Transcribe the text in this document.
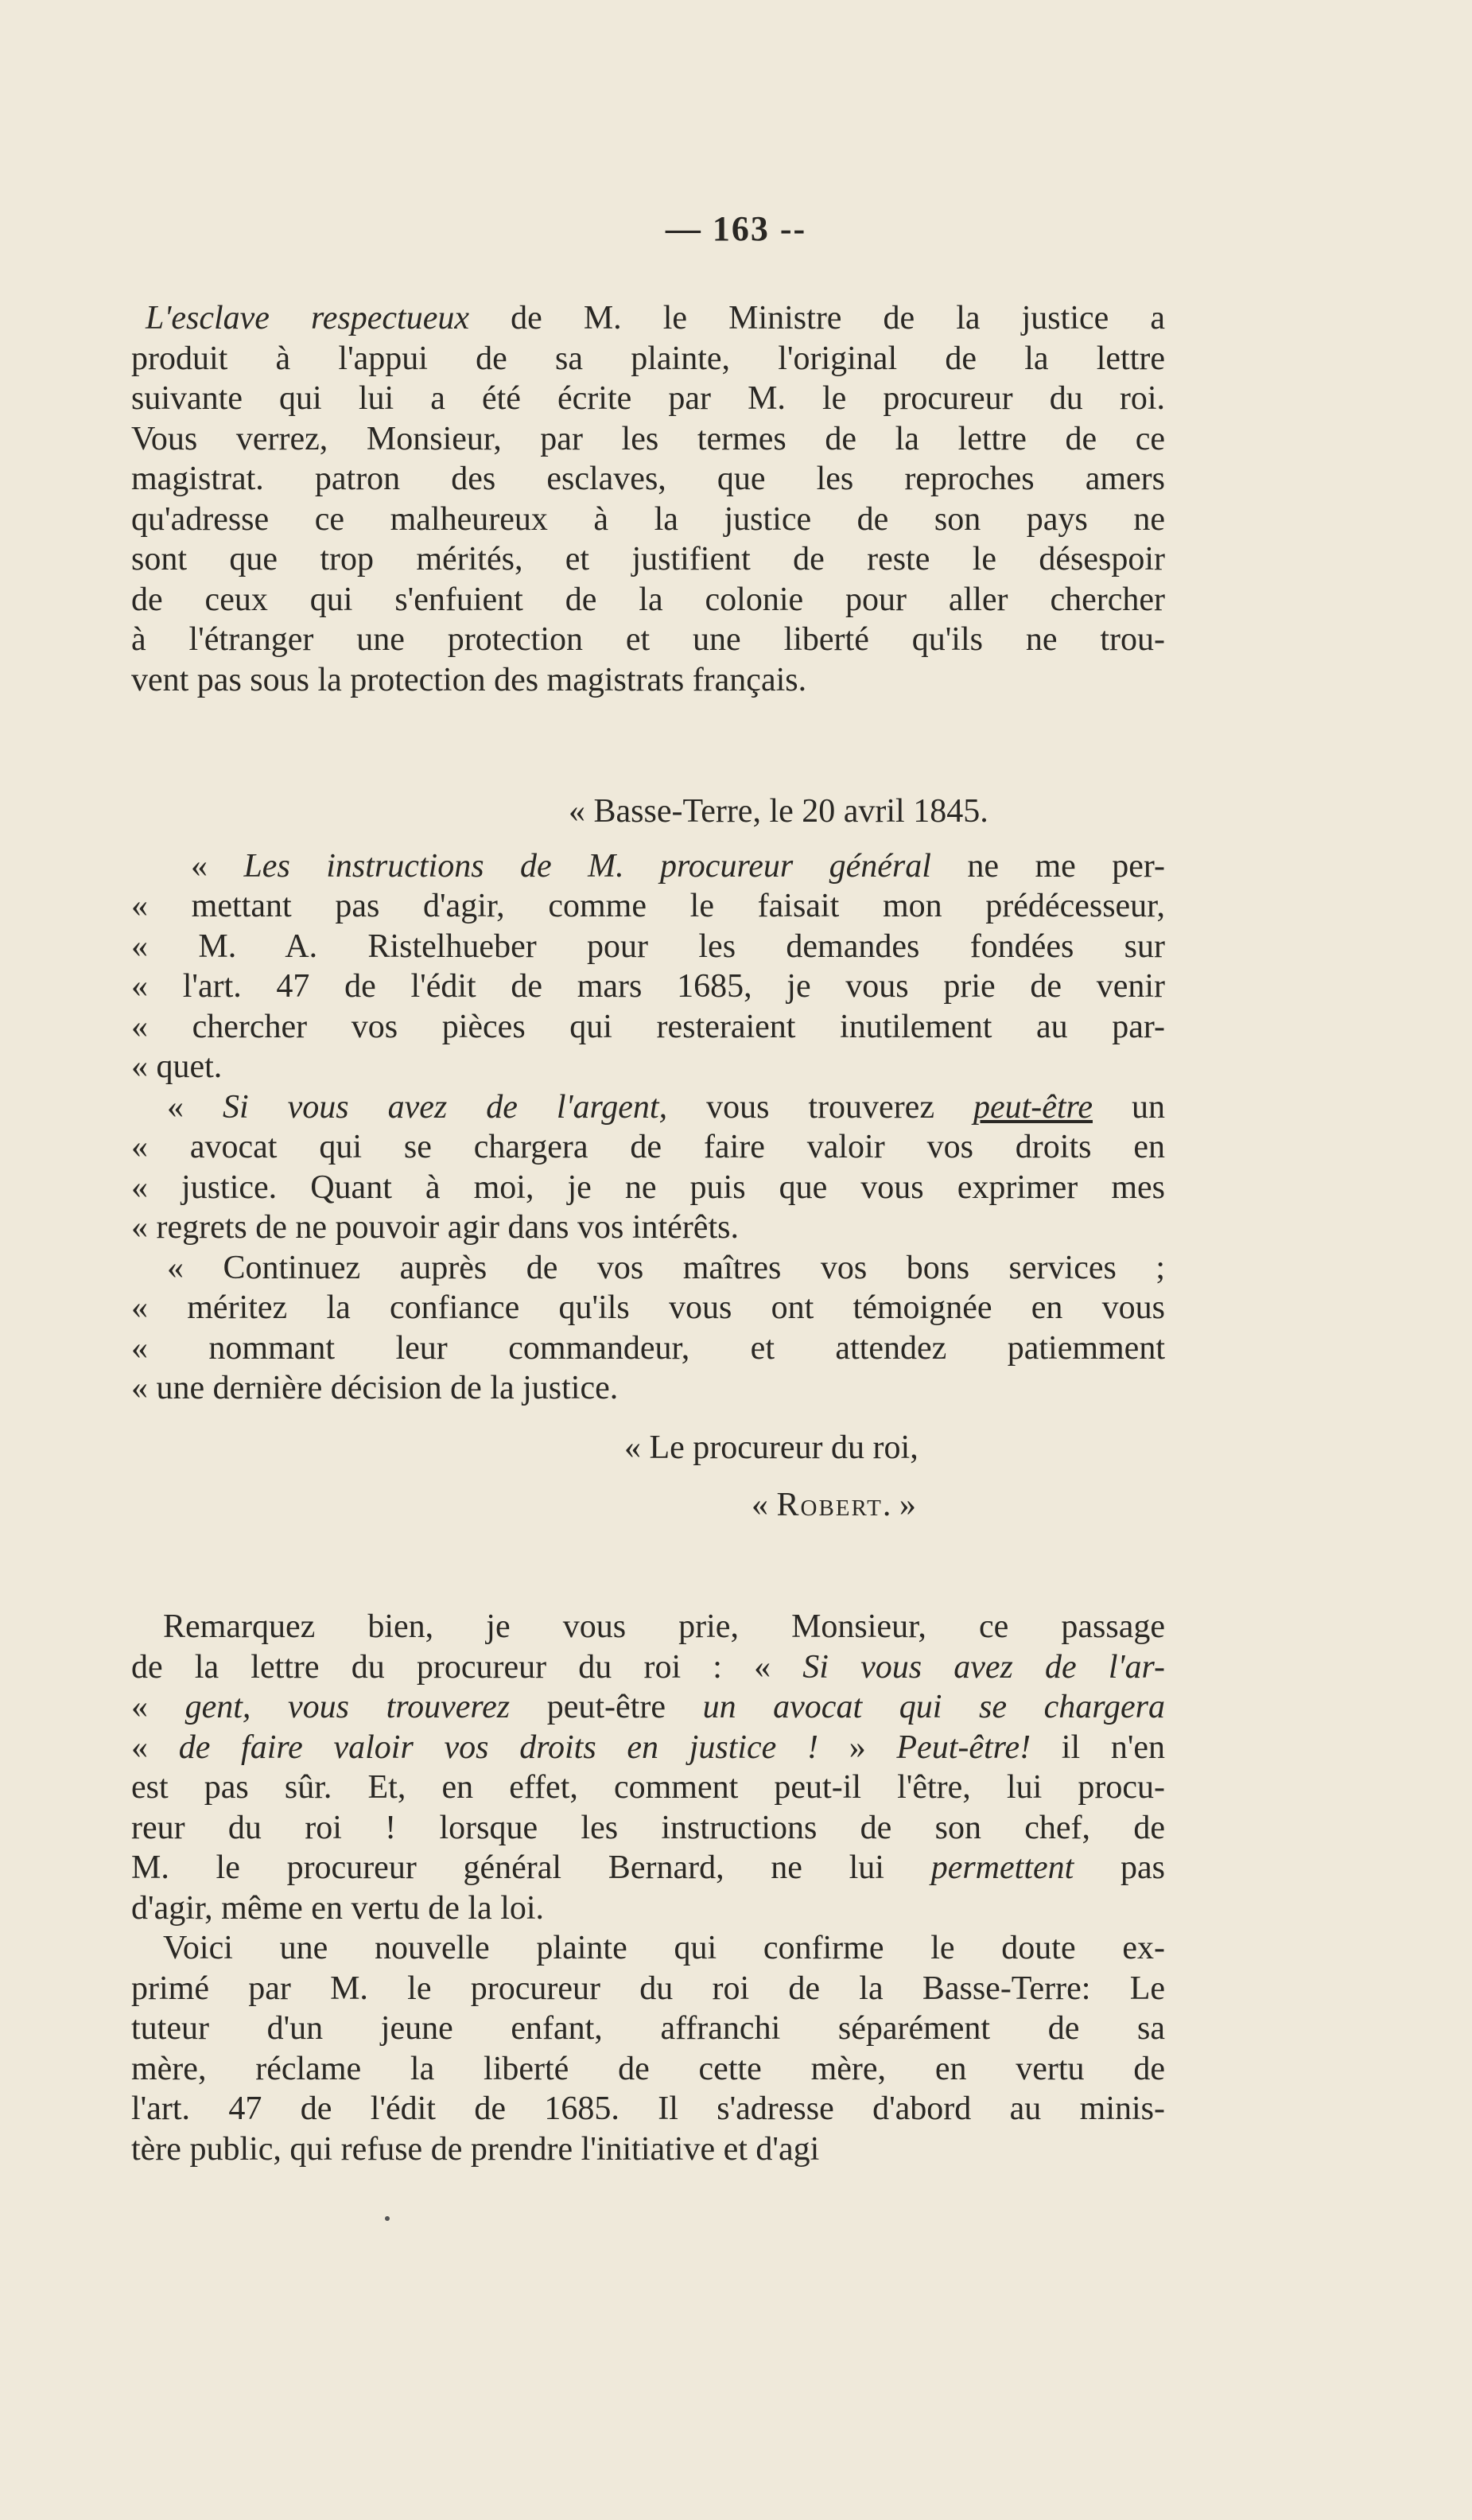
— 163 --

L'esclave respectueux de M. le Ministre de la justice a

produit à l'appui de sa plainte, l'original de la lettre

suivante qui lui a été écrite par M. le procureur du roi.

Vous verrez, Monsieur, par les termes de la lettre de ce

magistrat. patron des esclaves, que les reproches amers

qu'adresse ce malheureux à la justice de son pays ne

sont que trop mérités, et justifient de reste le désespoir

de ceux qui s'enfuient de la colonie pour aller chercher

à l'étranger une protection et une liberté qu'ils ne trou-

vent pas sous la protection des magistrats français.

« Basse-Terre, le 20 avril 1845.

« Les instructions de M. procureur général ne me per-

« mettant pas d'agir, comme le faisait mon prédécesseur,

« M. A. Ristelhueber pour les demandes fondées sur

« l'art. 47 de l'édit de mars 1685, je vous prie de venir

« chercher vos pièces qui resteraient inutilement au par-

« quet.

« Si vous avez de l'argent, vous trouverez peut-être un

« avocat qui se chargera de faire valoir vos droits en

« justice. Quant à moi, je ne puis que vous exprimer mes

« regrets de ne pouvoir agir dans vos intérêts.

« Continuez auprès de vos maîtres vos bons services ;

« méritez la confiance qu'ils vous ont témoignée en vous

« nommant leur commandeur, et attendez patiemment

« une dernière décision de la justice.

« Le procureur du roi,

« Robert. »

Remarquez bien, je vous prie, Monsieur, ce passage

de la lettre du procureur du roi : « Si vous avez de l'ar-

« gent, vous trouverez peut-être un avocat qui se chargera

« de faire valoir vos droits en justice ! » Peut-être! il n'en

est pas sûr. Et, en effet, comment peut-il l'être, lui procu-

reur du roi ! lorsque les instructions de son chef, de

M. le procureur général Bernard, ne lui permettent pas

d'agir, même en vertu de la loi.

Voici une nouvelle plainte qui confirme le doute ex-

primé par M. le procureur du roi de la Basse-Terre: Le

tuteur d'un jeune enfant, affranchi séparément de sa

mère, réclame la liberté de cette mère, en vertu de

l'art. 47 de l'édit de 1685. Il s'adresse d'abord au minis-

tère public, qui refuse de prendre l'initiative et d'agi
